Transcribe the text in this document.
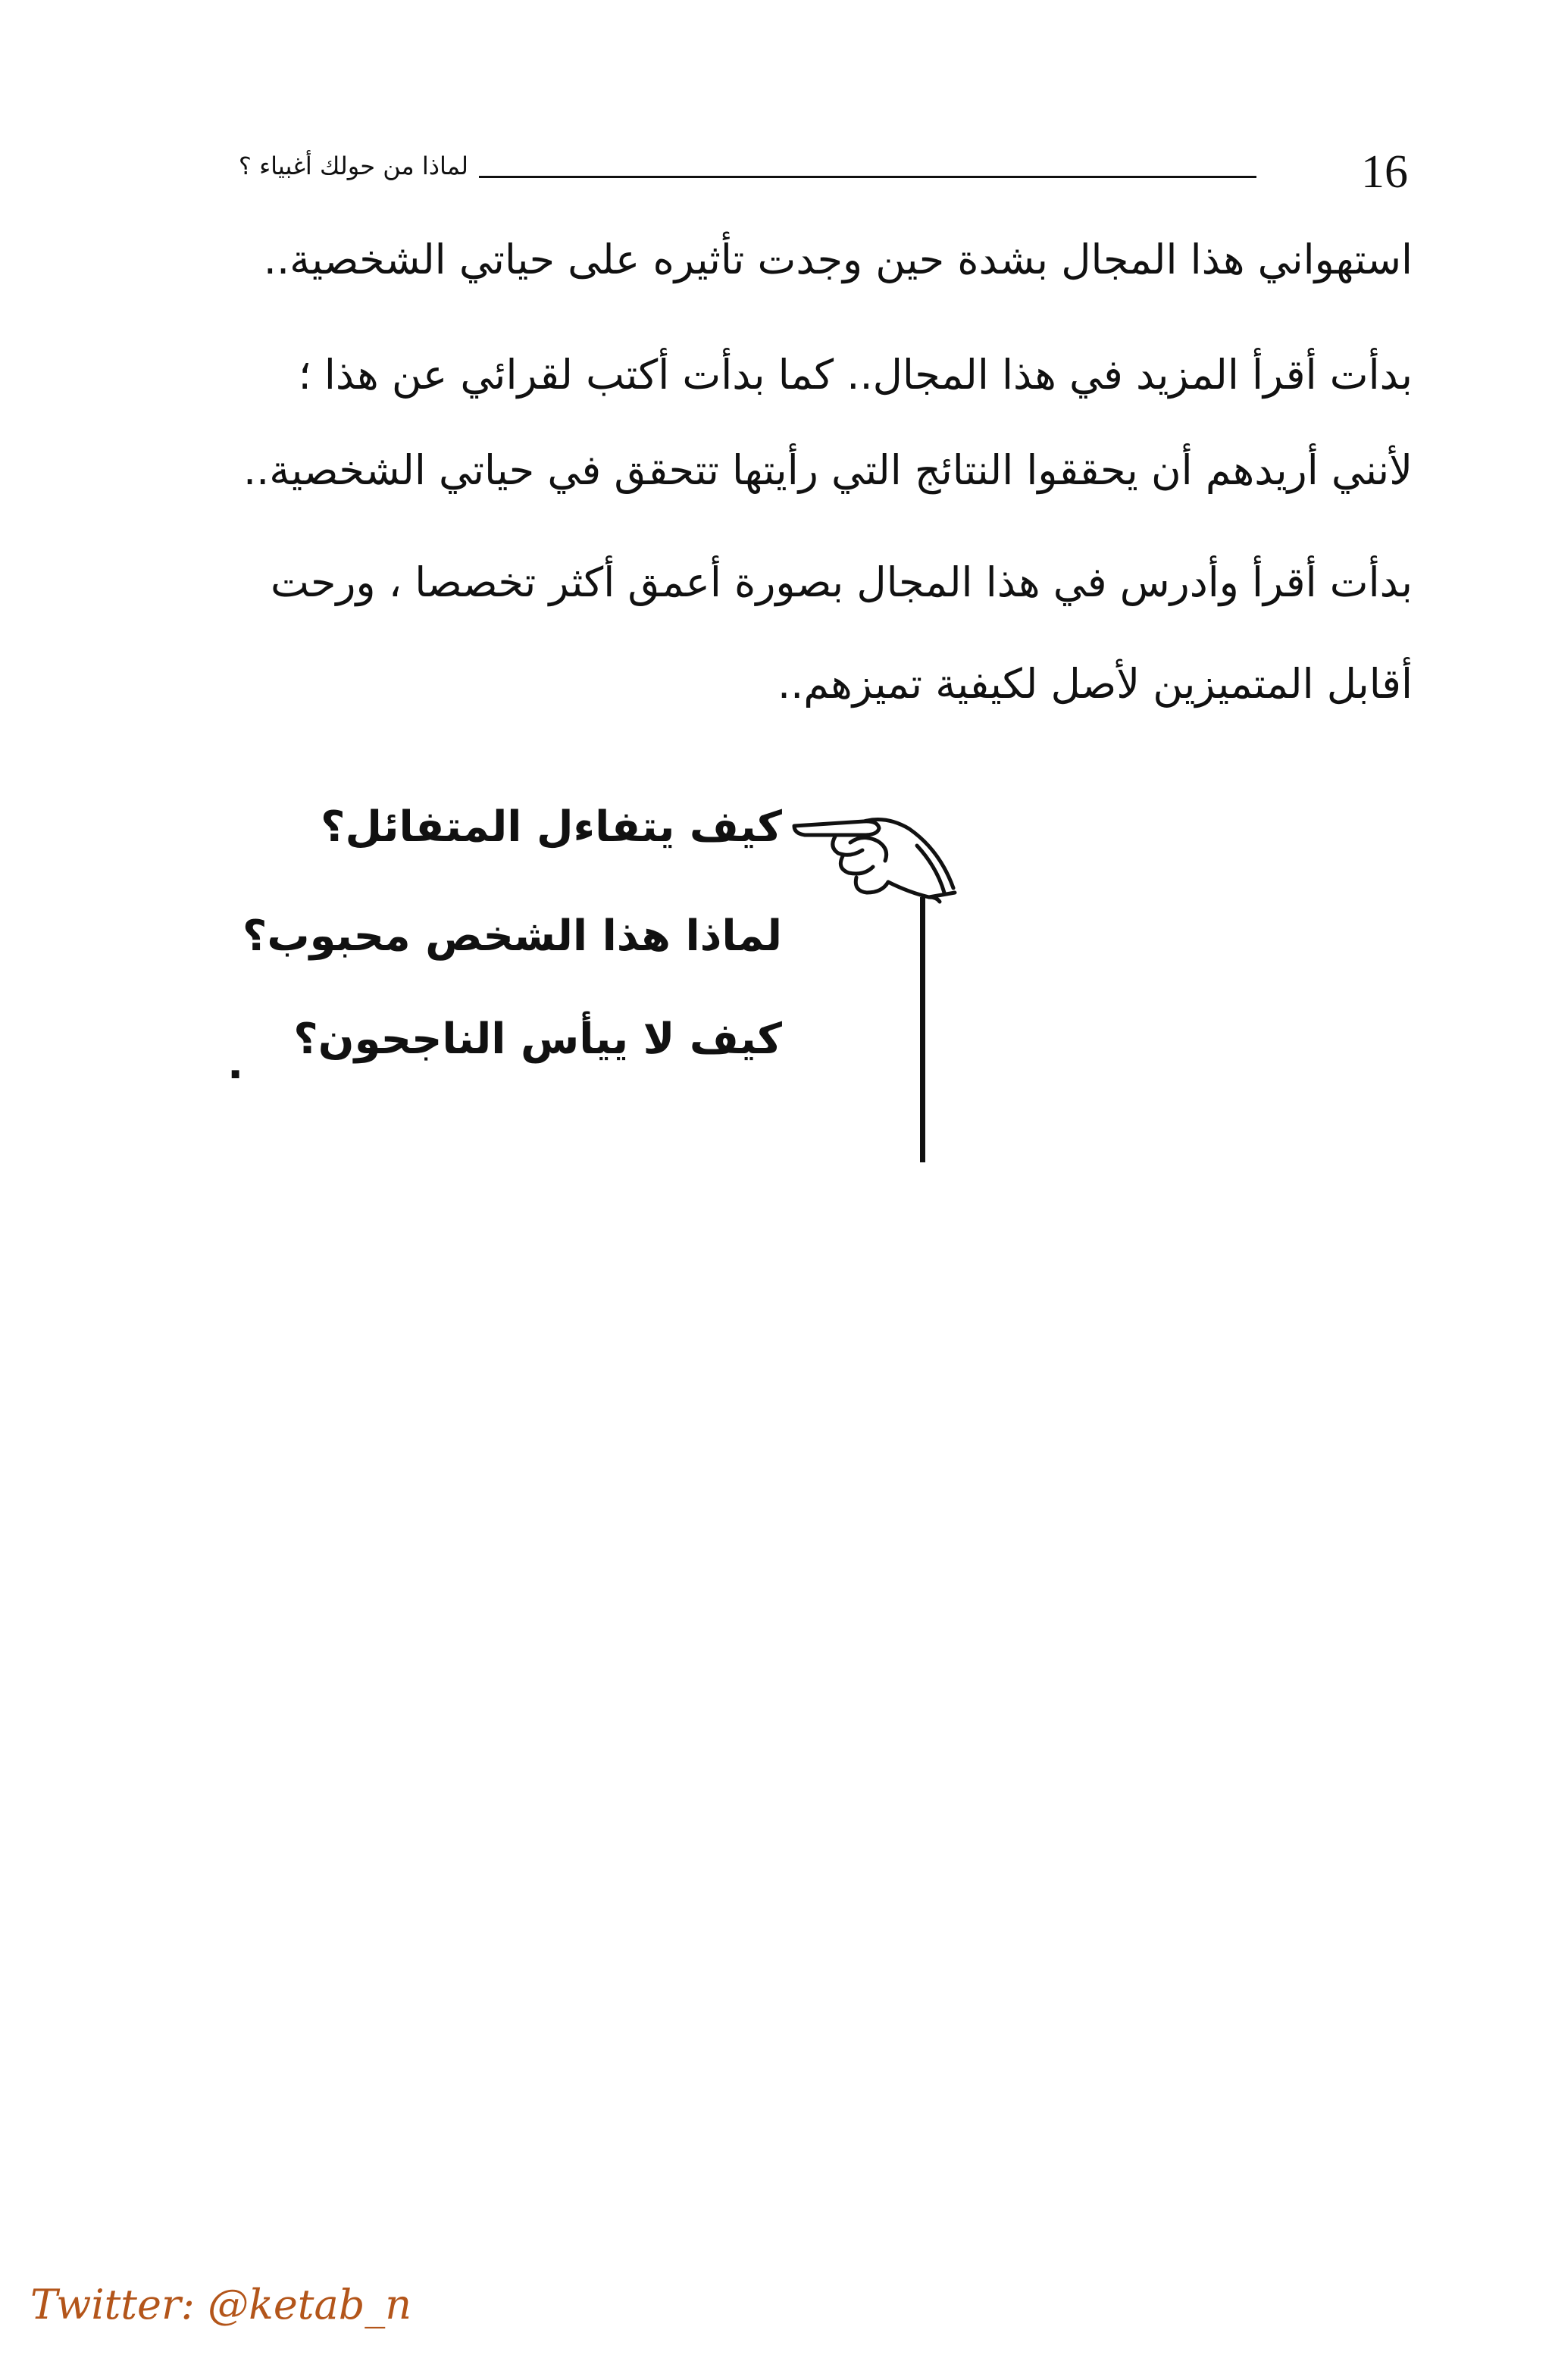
16
لماذا من حولك أغبياء ؟
استهواني هذا المجال بشدة حين وجدت تأثيره على حياتي الشخصية..
بدأت أقرأ المزيد في هذا المجال.. كما بدأت أكتب لقرائي عن هذا ؛
لأنني أريدهم أن يحققوا النتائج التي رأيتها تتحقق في حياتي الشخصية..
بدأت أقرأ وأدرس في هذا المجال بصورة أعمق أكثر تخصصا ، ورحت
أقابل المتميزين لأصل لكيفية تميزهم..
كيف يتفاءل المتفائل؟
لماذا هذا الشخص محبوب؟
كيف لا ييأس الناجحون؟
.
Twitter: @ketab_n
